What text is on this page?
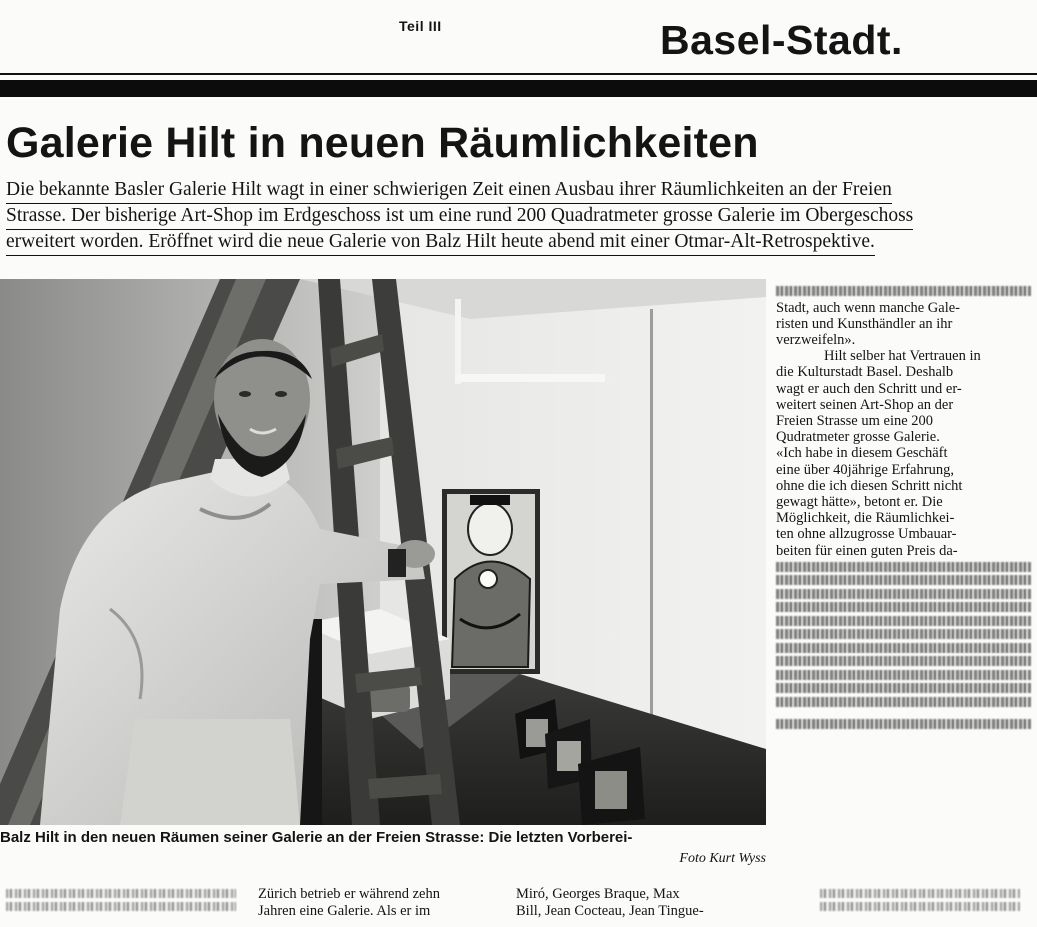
Teil III	Basel-Stadt.
Galerie Hilt in neuen Räumlichkeiten
Die bekannte Basler Galerie Hilt wagt in einer schwierigen Zeit einen Ausbau ihrer Räumlichkeiten an der Freien
Strasse. Der bisherige Art-Shop im Erdgeschoss ist um eine rund 200 Quadratmeter grosse Galerie im Obergeschoss
erweitert worden. Eröffnet wird die neue Galerie von Balz Hilt heute abend mit einer Otmar-Alt-Retrospektive.
Balz Hilt in den neuen Räumen seiner Galerie an der Freien Strasse: Die letzten Vorberei-
Foto Kurt Wyss

Stadt, auch wenn manche Gale-

risten und Kunsthändler an ihr

verzweifeln».

Hilt selber hat Vertrauen in

die Kulturstadt Basel. Deshalb

wagt er auch den Schritt und er-

weitert seinen Art-Shop an der

Freien Strasse um eine 200

Qudratmeter grosse Galerie.

«Ich habe in diesem Geschäft

eine über 40jährige Erfahrung,

ohne die ich diesen Schritt nicht

gewagt hätte», betont er. Die

Möglichkeit, die Räumlichkei-

ten ohne allzugrosse Umbauar-

beiten für einen guten Preis da-

Zürich betrieb er während zehn
Jahren eine Galerie. Als er im
Miró, Georges Braque, Max
Bill, Jean Cocteau, Jean Tingue-
